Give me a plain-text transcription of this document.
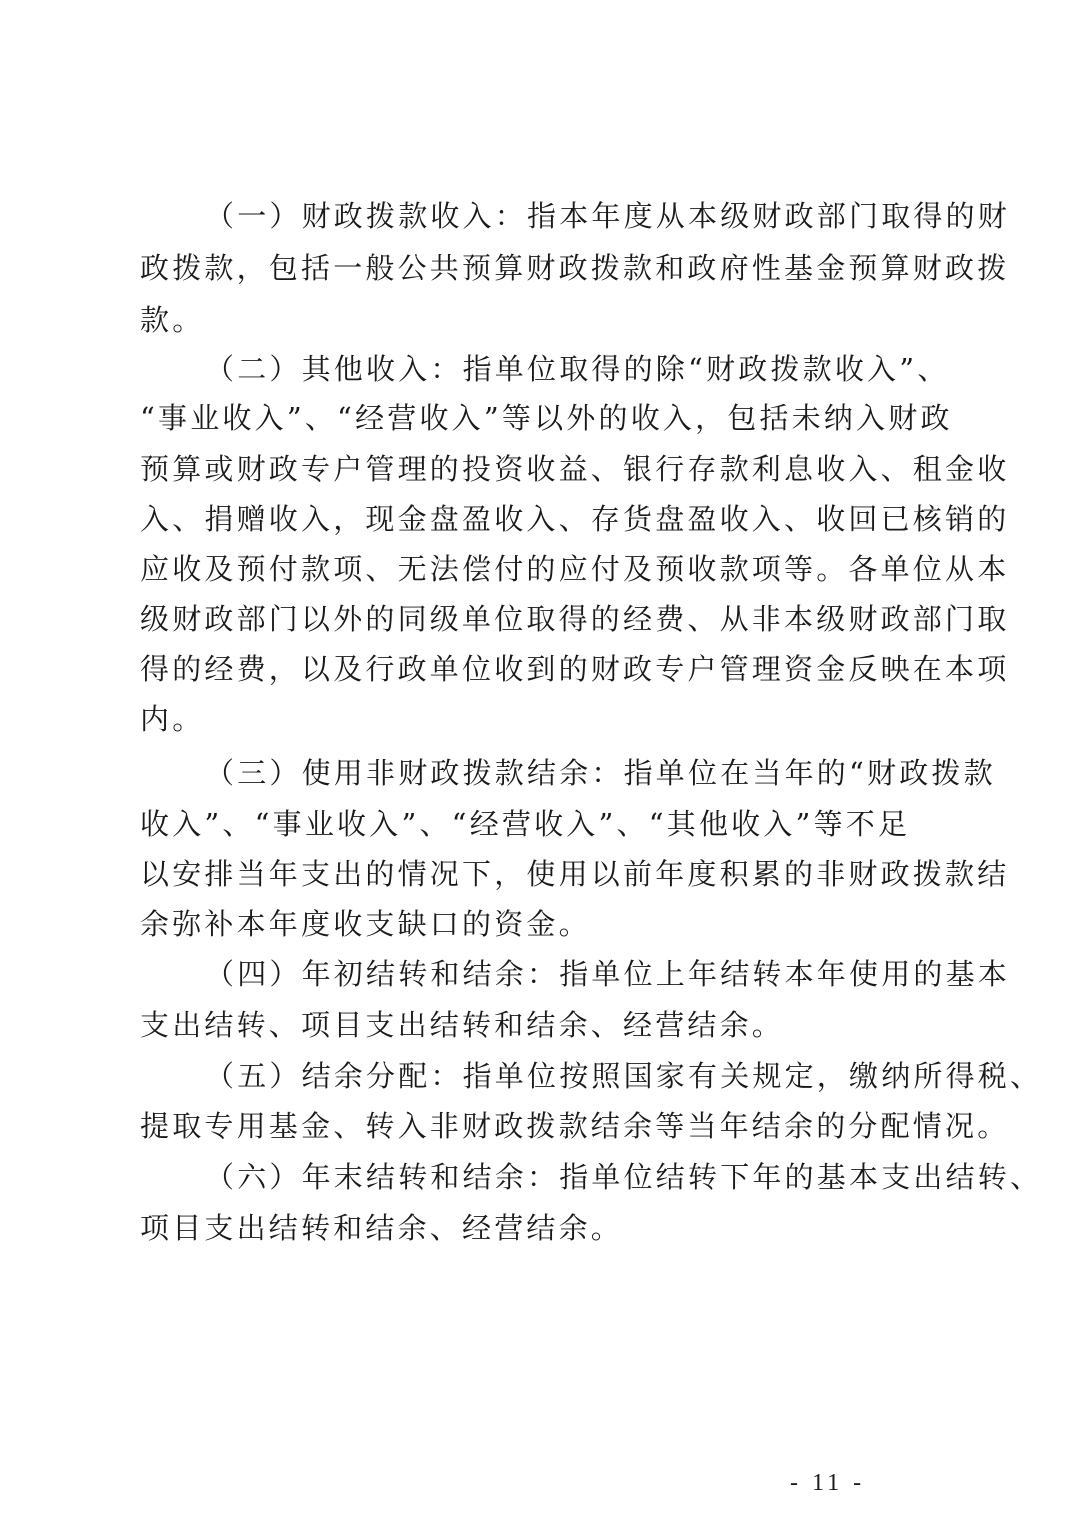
（一）财政拨款收入：指本年度从本级财政部门取得的财
政拨款，包括一般公共预算财政拨款和政府性基金预算财政拨
款。
（二）其他收入：指单位取得的除“财政拨款收入”、
“事业收入”、“经营收入”等以外的收入，包括未纳入财政
预算或财政专户管理的投资收益、银行存款利息收入、租金收
入、捐赠收入，现金盘盈收入、存货盘盈收入、收回已核销的
应收及预付款项、无法偿付的应付及预收款项等。各单位从本
级财政部门以外的同级单位取得的经费、从非本级财政部门取
得的经费，以及行政单位收到的财政专户管理资金反映在本项
内。
（三）使用非财政拨款结余：指单位在当年的“财政拨款
收入”、“事业收入”、“经营收入”、“其他收入”等不足
以安排当年支出的情况下，使用以前年度积累的非财政拨款结
余弥补本年度收支缺口的资金。
（四）年初结转和结余：指单位上年结转本年使用的基本
支出结转、项目支出结转和结余、经营结余。
（五）结余分配：指单位按照国家有关规定，缴纳所得税、
提取专用基金、转入非财政拨款结余等当年结余的分配情况。
（六）年末结转和结余：指单位结转下年的基本支出结转、
项目支出结转和结余、经营结余。
- 11 -
